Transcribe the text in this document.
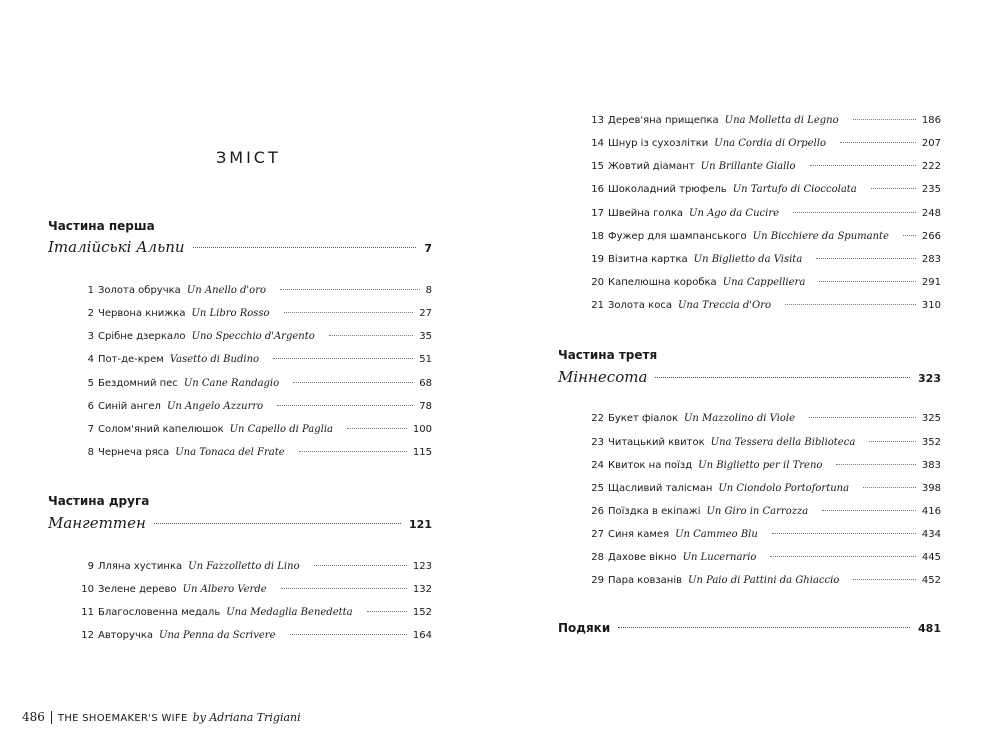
ЗМІСТ
Частина перша
Італійські Альпи	7
Частина друга
Мангеттен	121
Частина третя
Міннесота	323
Подяки	481
1 Золота обручка Un Anello d'oro	8
2 Червона книжка Un Libro Rosso	27
3 Срібне дзеркало Uno Specchio d'Argento	35
4 Пот-де-крем Vasetto di Budino	51
5 Бездомний пес Un Cane Randagio	68
6 Синій ангел Un Angelo Azzurro	78
7 Солом'яний капелюшок Un Capello di Paglia	100
8 Чернеча ряса Una Tonaca del Frate	115
9 Лляна хустинка Un Fazzolletto di Lino	123
10 Зелене дерево Un Albero Verde	132
11 Благословенна медаль Una Medaglia Benedetta	152
12 Авторучка Una Penna da Scrivere	164
13 Дерев'яна прищепка Una Molletta di Legno	186
14 Шнур із сухозлітки Una Cordia di Orpello	207
15 Жовтий діамант Un Brillante Giallo	222
16 Шоколадний трюфель Un Tartufo di Cioccolata	235
17 Швейна голка Un Ago da Cucire	248
18 Фужер для шампанського Un Bicchiere da Spumante	266
19 Візитна картка Un Biglietto da Visita	283
20 Капелюшна коробка Una Cappelliera	291
21 Золота коса Una Treccia d'Oro	310
22 Букет фіалок Un Mazzolino di Viole	325
23 Читацький квиток Una Tessera della Biblioteca	352
24 Квиток на поїзд Un Biglietto per il Treno	383
25 Щасливий талісман Un Ciondolo Portofortuna	398
26 Поїздка в екіпажі Un Giro in Carrozza	416
27 Синя камея Un Cammeo Blu	434
28 Дахове вікно Un Lucernario	445
29 Пара ковзанів Un Paio di Pattini da Ghiaccio	452
486 THE SHOEMAKER'S WIFE by Adriana Trigiani
